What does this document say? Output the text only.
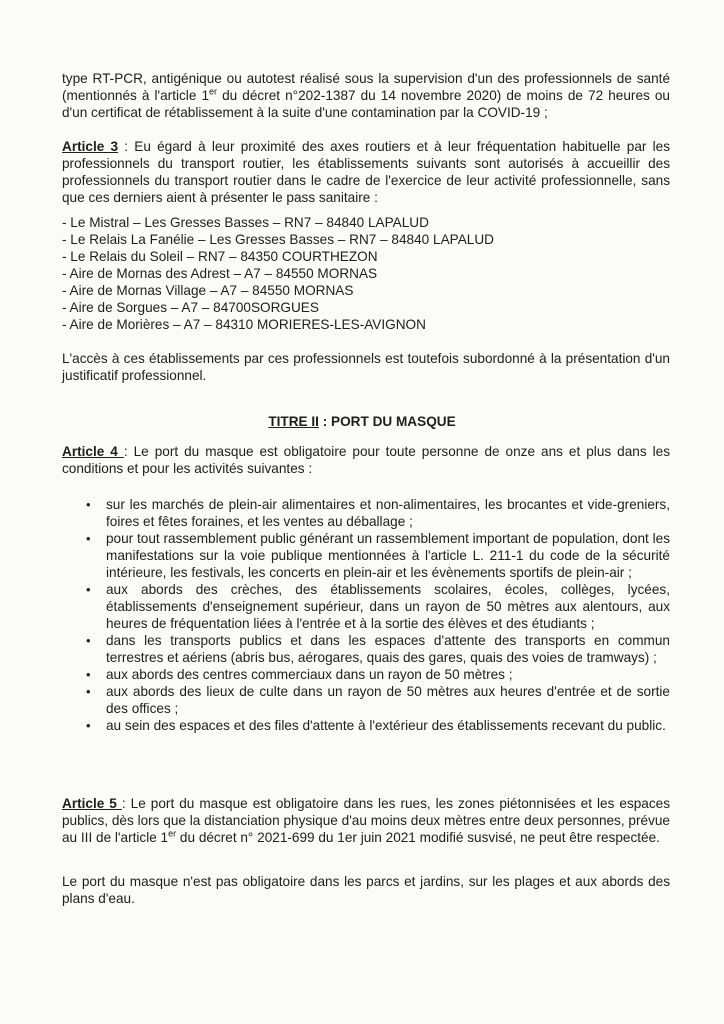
type RT-PCR, antigénique ou autotest réalisé sous la supervision d'un des professionnels de santé (mentionnés à l'article 1er du décret n°202-1387 du 14 novembre 2020) de moins de 72 heures ou d'un certificat de rétablissement à la suite d'une contamination par la COVID-19 ;

Article 3 : Eu égard à leur proximité des axes routiers et à leur fréquentation habituelle par les professionnels du transport routier, les établissements suivants sont autorisés à accueillir des professionnels du transport routier dans le cadre de l'exercice de leur activité professionnelle, sans que ces derniers aient à présenter le pass sanitaire :

- Le Mistral – Les Gresses Basses – RN7 – 84840 LAPALUD
- Le Relais La Fanélie – Les Gresses Basses – RN7 – 84840 LAPALUD
- Le Relais du Soleil – RN7 – 84350 COURTHEZON
- Aire de Mornas des Adrest – A7 – 84550 MORNAS
- Aire de Mornas Village – A7 – 84550 MORNAS
- Aire de Sorgues – A7 – 84700SORGUES
- Aire de Morières – A7 – 84310 MORIERES-LES-AVIGNON

L'accès à ces établissements par ces professionnels est toutefois subordonné à la présentation d'un justificatif professionnel.

TITRE II : PORT DU MASQUE

Article 4 : Le port du masque est obligatoire pour toute personne de onze ans et plus dans les conditions et pour les activités suivantes :

• sur les marchés de plein-air alimentaires et non-alimentaires, les brocantes et vide-greniers, foires et fêtes foraines, et les ventes au déballage ;
• pour tout rassemblement public générant un rassemblement important de population, dont les manifestations sur la voie publique mentionnées à l'article L. 211-1 du code de la sécurité intérieure, les festivals, les concerts en plein-air et les évènements sportifs de plein-air ;
• aux abords des crèches, des établissements scolaires, écoles, collèges, lycées, établissements d'enseignement supérieur, dans un rayon de 50 mètres aux alentours, aux heures de fréquentation liées à l'entrée et à la sortie des élèves et des étudiants ;
• dans les transports publics et dans les espaces d'attente des transports en commun terrestres et aériens (abris bus, aérogares, quais des gares, quais des voies de tramways) ;
• aux abords des centres commerciaux dans un rayon de 50 mètres ;
• aux abords des lieux de culte dans un rayon de 50 mètres aux heures d'entrée et de sortie des offices ;
• au sein des espaces et des files d'attente à l'extérieur des établissements recevant du public.

Article 5 : Le port du masque est obligatoire dans les rues, les zones piétonnisées et les espaces publics, dès lors que la distanciation physique d'au moins deux mètres entre deux personnes, prévue au III de l'article 1er du décret n° 2021-699 du 1er juin 2021 modifié susvisé, ne peut être respectée.

Le port du masque n'est pas obligatoire dans les parcs et jardins, sur les plages et aux abords des plans d'eau.
